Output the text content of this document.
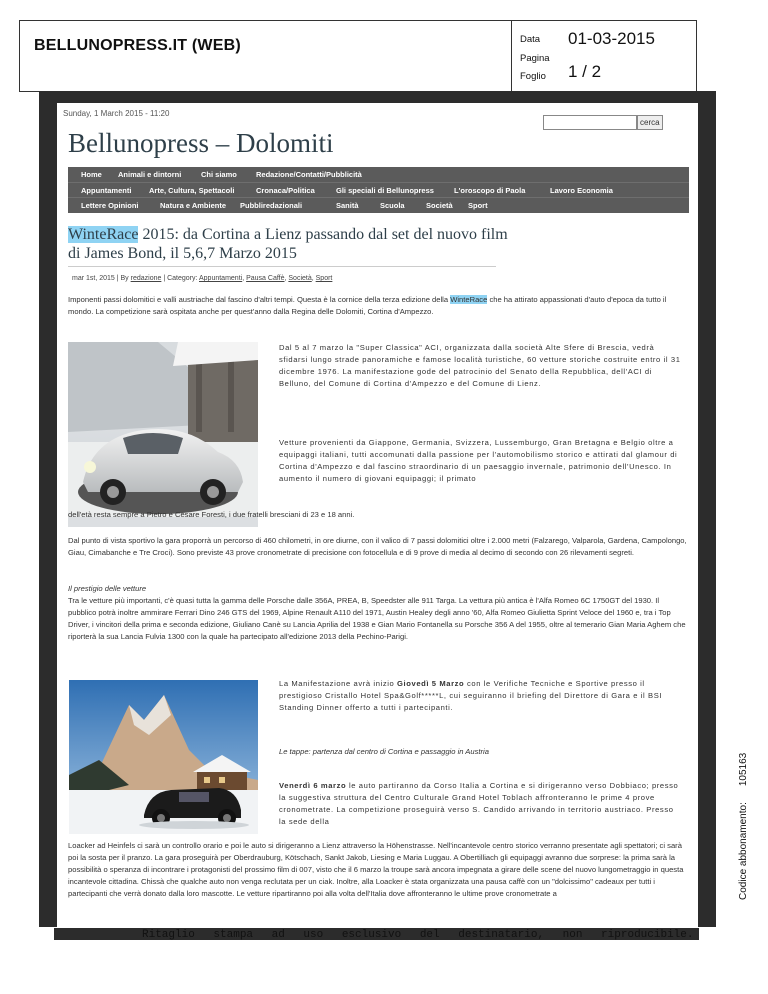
BELLUNOPRESS.IT (WEB)	Data 01-03-2015
Pagina
Foglio 1 / 2
Sunday, 1 March 2015 - 11:20
cerca
Bellunopress – Dolomiti
Home Animali e dintorni	Chi siamo	Redazione/Contatti/Pubblicità
Appuntamenti Arte, Cultura, Spettacoli	Cronaca/Politica	Gli speciali di Bellunopress	L'oroscopo di Paola	Lavoro Economia
Lettere Opinioni	Natura e Ambiente Pubbliredazionali	Sanità	Scuola	Società Sport
WinteRace 2015: da Cortina a Lienz passando dal set del nuovo film di James Bond, il 5,6,7 Marzo 2015
mar 1st, 2015 | By redazione | Category: Appuntamenti, Pausa Caffè, Società, Sport
Imponenti passi dolomitici e valli austriache dal fascino d'altri tempi. Questa è la cornice della terza edizione della WinteRace che ha attirato appassionati d'auto d'epoca da tutto il mondo. La competizione sarà ospitata anche per quest'anno dalla Regina delle Dolomiti, Cortina d'Ampezzo.
Dal 5 al 7 marzo la "Super Classica" ACI, organizzata dalla società Alte Sfere di Brescia, vedrà sfidarsi lungo strade panoramiche e famose località turistiche, 60 vetture storiche costruite entro il 31 dicembre 1976. La manifestazione gode del patrocinio del Senato della Repubblica, dell'ACI di Belluno, del Comune di Cortina d'Ampezzo e del Comune di Lienz.
Vetture provenienti da Giappone, Germania, Svizzera, Lussemburgo, Gran Bretagna e Belgio oltre a equipaggi italiani, tutti accomunati dalla passione per l'automobilismo storico e attirati dal glamour di Cortina d'Ampezzo e dal fascino straordinario di un paesaggio invernale, patrimonio dell'Unesco. In aumento il numero di giovani equipaggi; il primato
dell'età resta sempre a Pietro e Cesare Foresti, i due fratelli bresciani di 23 e 18 anni.
Dal punto di vista sportivo la gara proporrà un percorso di 460 chilometri, in ore diurne, con il valico di 7 passi dolomitici oltre i 2.000 metri (Falzarego, Valparola, Gardena, Campolongo, Giau, Cimabanche e Tre Croci). Sono previste 43 prove cronometrate di precisione con fotocellula e di 9 prove di media al decimo di secondo con 26 rilevamenti segreti.
Il prestigio delle vetture
Tra le vetture più importanti, c'è quasi tutta la gamma delle Porsche dalle 356A, PREA, B, Speedster alle 911 Targa. La vettura più antica è l'Alfa Romeo 6C 1750GT del 1930. Il pubblico potrà inoltre ammirare Ferrari Dino 246 GTS del 1969, Alpine Renault A110 del 1971, Austin Healey degli anno '60, Alfa Romeo Giulietta Sprint Veloce del 1960 e, tra i Top Driver, i vincitori della prima e seconda edizione, Giuliano Canè su Lancia Aprilia del 1938 e Gian Mario Fontanella su Porsche 356 A del 1955, oltre al temerario Gian Maria Aghem che riporterà la sua Lancia Fulvia 1300 con la quale ha partecipato all'edizione 2013 della Pechino-Parigi.
La Manifestazione avrà inizio Giovedì 5 Marzo con le Verifiche Tecniche e Sportive presso il prestigioso Cristallo Hotel Spa&Golf*****L, cui seguiranno il briefing del Direttore di Gara e il BSI Standing Dinner offerto a tutti i partecipanti.
Le tappe: partenza dal centro di Cortina e passaggio in Austria
Venerdì 6 marzo le auto partiranno da Corso Italia a Cortina e si dirigeranno verso Dobbiaco; presso la suggestiva struttura del Centro Culturale Grand Hotel Toblach affronteranno le prime 4 prove cronometrate. La competizione proseguirà verso S. Candido arrivando in territorio austriaco. Presso la sede della
Loacker ad Heinfels ci sarà un controllo orario e poi le auto si dirigeranno a Lienz attraverso la Höhenstrasse. Nell'incantevole centro storico verranno presentate agli spettatori; ci sarà poi la sosta per il pranzo. La gara proseguirà per Oberdrauburg, Kötschach, Sankt Jakob, Liesing e Maria Luggau. A Obertilliach gli equipaggi avranno due sorprese: la prima sarà la possibilità o speranza di incontrare i protagonisti del prossimo film di 007, visto che il 6 marzo la troupe sarà ancora impegnata a girare delle scene del nuovo lungometraggio in questa incantevole cittadina. Chissà che qualche auto non venga reclutata per un ciak. Inoltre, alla Loacker è stata organizzata una pausa caffè con un "dolcissimo" cadeaux per tutti i partecipanti che verrà donato dalla loro mascotte. Le vetture ripartiranno poi alla volta dell'Italia dove affronteranno le ultime prove cronometrate a
Ritaglio stampa ad uso esclusivo del destinatario, non riproducibile.
Codice abbonamento:105163
